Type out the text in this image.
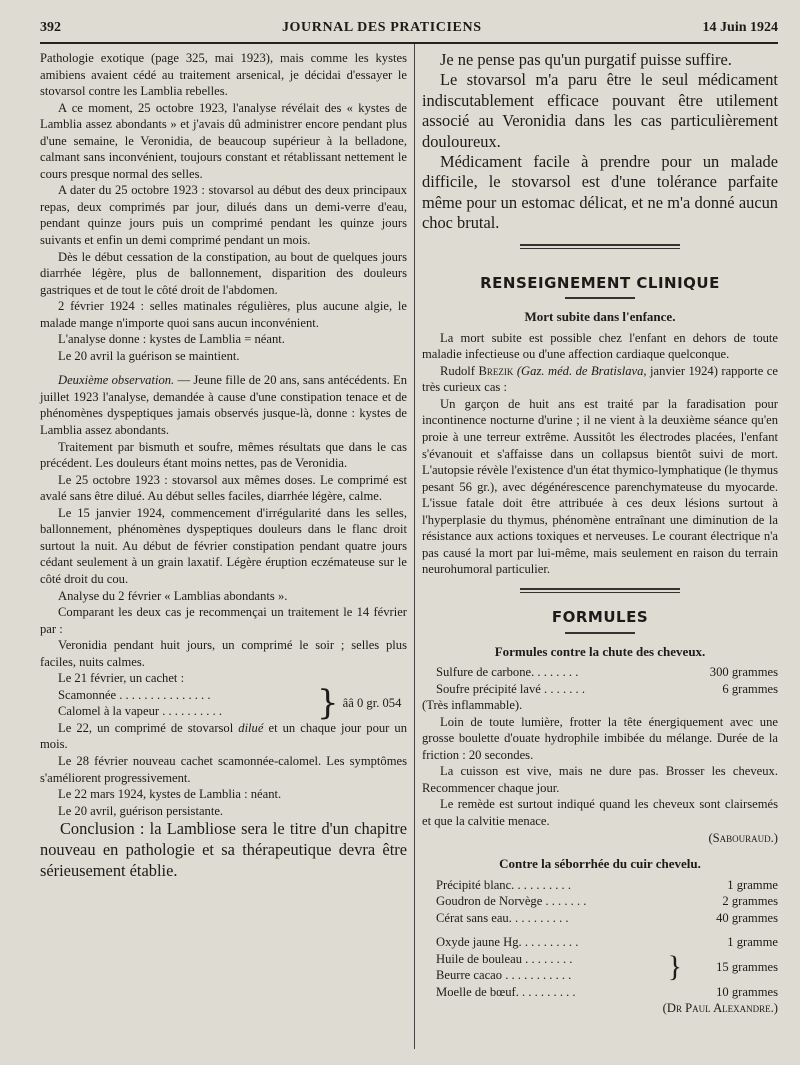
392	JOURNAL DES PRATICIENS	14 Juin 1924

Pathologie exotique (page 325, mai 1923), mais comme les kystes amibiens avaient cédé au traitement arsenical, je décidai d'essayer le stovarsol contre les Lamblia rebelles.

A ce moment, 25 octobre 1923, l'analyse révélait des « kystes de Lamblia assez abondants » et j'avais dû administrer encore pendant plus d'une semaine, le Veronidia, de beaucoup supérieur à la belladone, calmant sans inconvénient, toujours constant et rétablissant nettement le cours presque normal des selles.

A dater du 25 octobre 1923 : stovarsol au début des deux principaux repas, deux comprimés par jour, dilués dans un demi-verre d'eau, pendant quinze jours puis un comprimé pendant les quinze jours suivants et enfin un demi comprimé pendant un mois.

Dès le début cessation de la constipation, au bout de quelques jours diarrhée légère, plus de ballonnement, disparition des douleurs gastriques et de tout le côté droit de l'abdomen.

2 février 1924 : selles matinales régulières, plus aucune algie, le malade mange n'importe quoi sans aucun inconvénient.

L'analyse donne : kystes de Lamblia = néant.

Le 20 avril la guérison se maintient.

Deuxième observation. — Jeune fille de 20 ans, sans antécédents. En juillet 1923 l'analyse, demandée à cause d'une constipation tenace et de phénomènes dyspeptiques jamais observés jusque-là, donne : kystes de Lamblia assez abondants.

Traitement par bismuth et soufre, mêmes résultats que dans le cas précédent. Les douleurs étant moins nettes, pas de Veronidia.

Le 25 octobre 1923 : stovarsol aux mêmes doses. Le comprimé est avalé sans être dilué. Au début selles faciles, diarrhée légère, calme.

Le 15 janvier 1924, commencement d'irrégularité dans les selles, ballonnement, phénomènes dyspeptiques douleurs dans le flanc droit surtout la nuit. Au début de février constipation pendant quatre jours cédant seulement à un grain laxatif. Légère éruption eczémateuse sur le côté droit du cou.

Analyse du 2 février « Lamblias abondants ».

Comparant les deux cas je recommençai un traitement le 14 février par :

Veronidia pendant huit jours, un comprimé le soir ; selles plus faciles, nuits calmes.

Le 21 février, un cachet :

Scamonnée . . . . . . . . . . . . . . .
Calomel à la vapeur . . . . . . . . . .	} ââ 0 gr. 054

Le 22, un comprimé de stovarsol dilué et un chaque jour pour un mois.

Le 28 février nouveau cachet scamonnée-calomel. Les symptômes s'améliorent progressivement.

Le 22 mars 1924, kystes de Lamblia : néant.

Le 20 avril, guérison persistante.

Conclusion : la Lambliose sera le titre d'un chapitre nouveau en pathologie et sa thérapeutique devra être sérieusement établie.

Je ne pense pas qu'un purgatif puisse suffire.

Le stovarsol m'a paru être le seul médicament indiscutablement efficace pouvant être utilement associé au Veronidia dans les cas particulièrement douloureux.

Médicament facile à prendre pour un malade difficile, le stovarsol est d'une tolérance parfaite même pour un estomac délicat, et ne m'a donné aucun choc brutal.

RENSEIGNEMENT CLINIQUE
Mort subite dans l'enfance.

La mort subite est possible chez l'enfant en dehors de toute maladie infectieuse ou d'une affection cardiaque quelconque.

Rudolf Brezik (Gaz. méd. de Bratislava, janvier 1924) rapporte ce très curieux cas :

Un garçon de huit ans est traité par la faradisation pour incontinence nocturne d'urine ; il ne vient à la deuxième séance qu'en proie à une terreur extrême. Aussitôt les électrodes placées, l'enfant s'évanouit et s'affaisse dans un collapsus bientôt suivi de mort. L'autopsie révèle l'existence d'un état thymico-lymphatique (le thymus pesant 56 gr.), avec dégénérescence parenchymateuse du myocarde. L'issue fatale doit être attribuée à ces deux lésions surtout à l'hyperplasie du thymus, phénomène entraînant une diminution de la résistance aux actions toxiques et nerveuses. Le courant électrique n'a pas causé la mort par lui-même, mais seulement en raison du terrain neurohumoral particulier.

FORMULES
Formules contre la chute des cheveux.
Sulfure de carbone. . . . . . . .	300 grammes
Soufre précipité lavé . . . . . . .	6 grammes

(Très inflammable).

Loin de toute lumière, frotter la tête énergiquement avec une grosse boulette d'ouate hydrophile imbibée du mélange. Durée de la friction : 20 secondes.

La cuisson est vive, mais ne dure pas. Brosser les cheveux. Recommencer chaque jour.

Le remède est surtout indiqué quand les cheveux sont clairsemés et que la calvitie menace.

(Sabouraud.)

Contre la séborrhée du cuir chevelu.
Précipité blanc. . . . . . . . . .	1 gramme
Goudron de Norvège . . . . . . .	2 grammes
Cérat sans eau. . . . . . . . . .	40 grammes
Oxyde jaune Hg. . . . . . . . . .	1 gramme
Huile de bouleau . . . . . . . .
Beurre cacao . . . . . . . . . . .	}	15 grammes
Moelle de bœuf. . . . . . . . . .	10 grammes

(Dr Paul Alexandre.)
